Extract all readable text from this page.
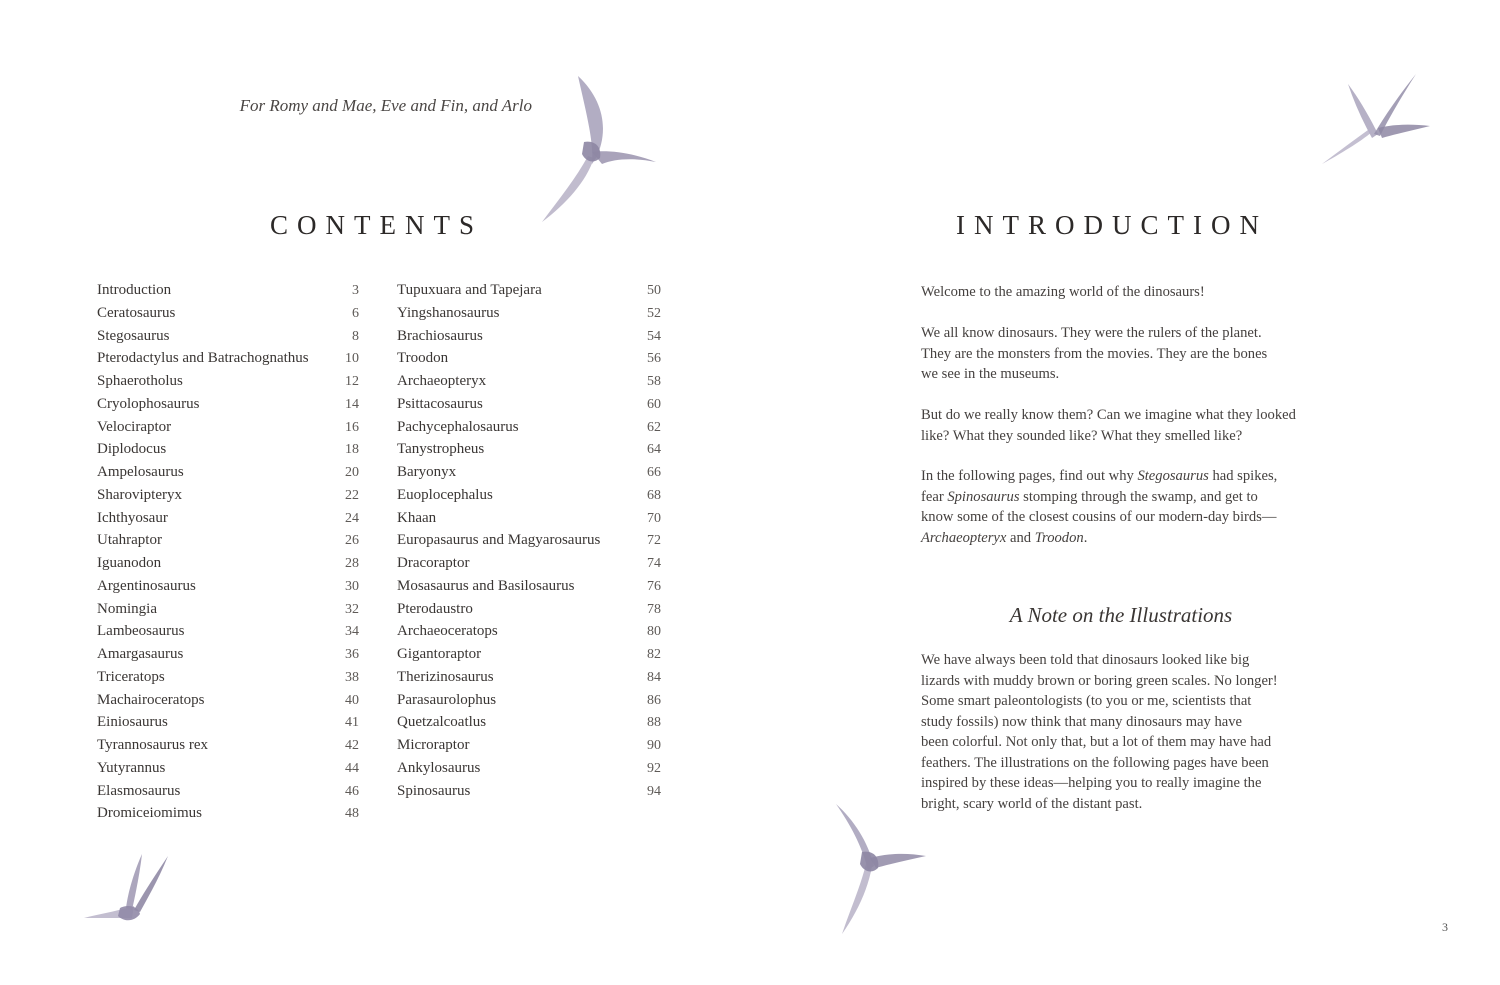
For Romy and Mae, Eve and Fin, and Arlo
CONTENTS
Introduction	3
Ceratosaurus	6
Stegosaurus	8
Pterodactylus and Batrachognathus	10
Sphaerotholus	12
Cryolophosaurus	14
Velociraptor	16
Diplodocus	18
Ampelosaurus	20
Sharovipteryx	22
Ichthyosaur	24
Utahraptor	26
Iguanodon	28
Argentinosaurus	30
Nomingia	32
Lambeosaurus	34
Amargasaurus	36
Triceratops	38
Machairoceratops	40
Einiosaurus	41
Tyrannosaurus rex	42
Yutyrannus	44
Elasmosaurus	46
Dromiceiomimus	48
Tupuxuara and Tapejara	50
Yingshanosaurus	52
Brachiosaurus	54
Troodon	56
Archaeopteryx	58
Psittacosaurus	60
Pachycephalosaurus	62
Tanystropheus	64
Baryonyx	66
Euoplocephalus	68
Khaan	70
Europasaurus and Magyarosaurus	72
Dracoraptor	74
Mosasaurus and Basilosaurus	76
Pterodaustro	78
Archaeoceratops	80
Gigantoraptor	82
Therizinosaurus	84
Parasaurolophus	86
Quetzalcoatlus	88
Microraptor	90
Ankylosaurus	92
Spinosaurus	94
INTRODUCTION

Welcome to the amazing world of the dinosaurs!

We all know dinosaurs. They were the rulers of the planet.

They are the monsters from the movies. They are the bones

we see in the museums.

But do we really know them? Can we imagine what they looked

like? What they sounded like? What they smelled like?

In the following pages, find out why Stegosaurus had spikes,

fear Spinosaurus stomping through the swamp, and get to

know some of the closest cousins of our modern-day birds—

Archaeopteryx and Troodon.

A Note on the Illustrations

We have always been told that dinosaurs looked like big

lizards with muddy brown or boring green scales. No longer!

Some smart paleontologists (to you or me, scientists that

study fossils) now think that many dinosaurs may have

been colorful. Not only that, but a lot of them may have had

feathers. The illustrations on the following pages have been

inspired by these ideas—helping you to really imagine the

bright, scary world of the distant past.

3
